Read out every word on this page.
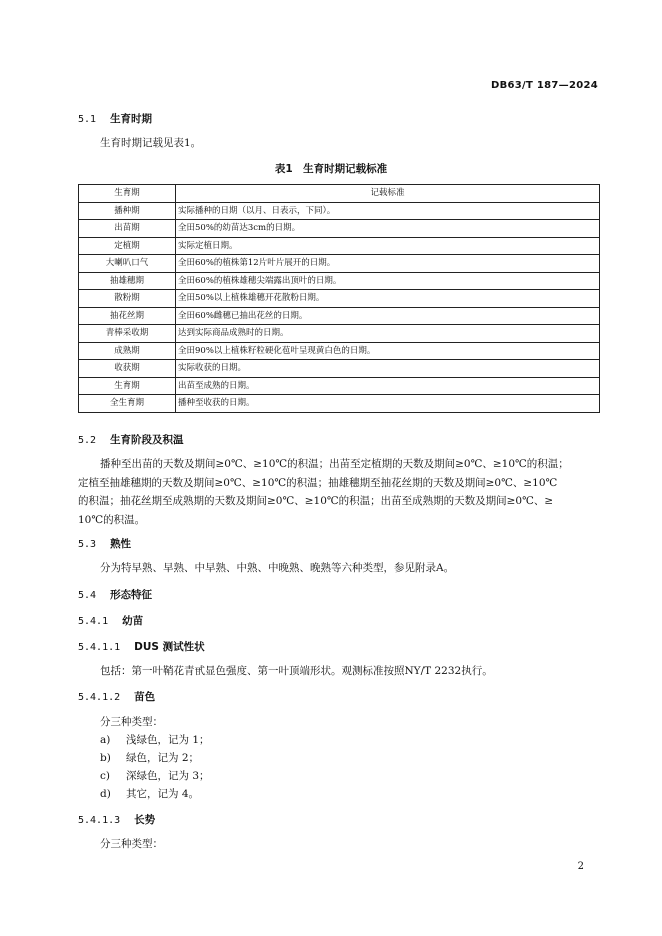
DB63/T 187—2024
5.1 生育时期
生育时期记载见表1。
表1　生育时期记载标准
生育期	记载标准
播种期	实际播种的日期（以月、日表示，下同）。
出苗期	全田50%的幼苗达3cm的日期。
定植期	实际定植日期。
大喇叭口气	全田60%的植株第12片叶片展开的日期。
抽雄穗期	全田60%的植株雄穗尖端露出顶叶的日期。
散粉期	全田50%以上植株雄穗开花散粉日期。
抽花丝期	全田60%雌穗已抽出花丝的日期。
青棒采收期	达到实际商品成熟时的日期。
成熟期	全田90%以上植株籽粒硬化苞叶呈现黄白色的日期。
收获期	实际收获的日期。
生育期	出苗至成熟的日期。
全生育期	播种至收获的日期。
5.2 生育阶段及积温
播种至出苗的天数及期间≥0℃、≥10℃的积温；出苗至定植期的天数及期间≥0℃、≥10℃的积温；
定植至抽雄穗期的天数及期间≥0℃、≥10℃的积温；抽雄穗期至抽花丝期的天数及期间≥0℃、≥10℃
的积温；抽花丝期至成熟期的天数及期间≥0℃、≥10℃的积温；出苗至成熟期的天数及期间≥0℃、≥
10℃的积温。
5.3 熟性
分为特早熟、早熟、中早熟、中熟、中晚熟、晚熟等六种类型，参见附录A。
5.4 形态特征
5.4.1 幼苗
5.4.1.1 DUS 测试性状
包括：第一叶鞘花青甙显色强度、第一叶顶端形状。观测标准按照NY/T 2232执行。
5.4.1.2 苗色
分三种类型：
a) 浅绿色，记为 1；
b) 绿色，记为 2；
c) 深绿色，记为 3；
d) 其它，记为 4。
5.4.1.3 长势
分三种类型：
2
